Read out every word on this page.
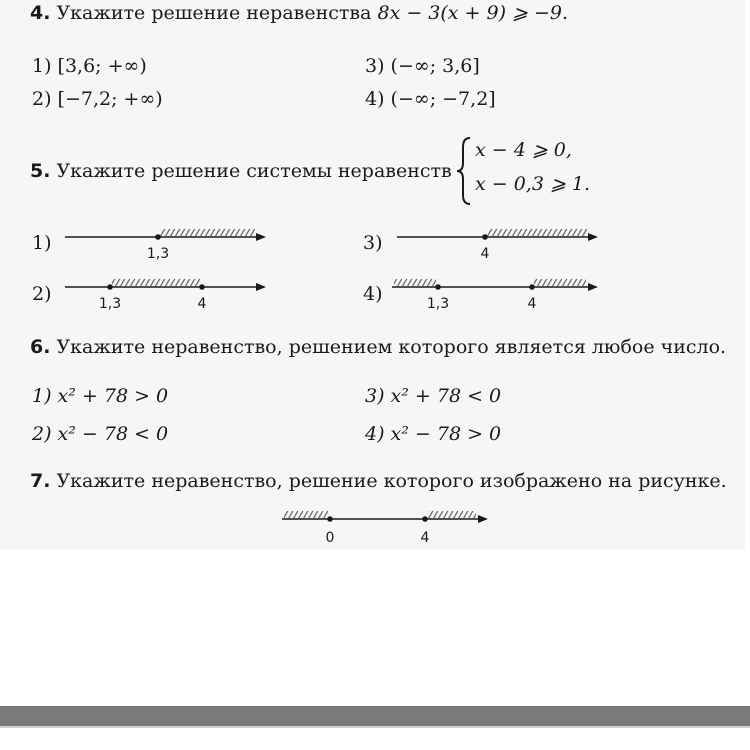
4. Укажите решение неравенства 8x − 3(x + 9) ⩾ −9.
1) [3,6; +∞)	3) (−∞; 3,6]
2) [−7,2; +∞)	4) (−∞; −7,2]
5. Укажите решение системы неравенств
x − 4 ⩾ 0,
x − 0,3 ⩾ 1.
1)	1,3	3)	4
2)	1,3	4	4)	1,3	4
6. Укажите неравенство, решением которого является любое число.
1) x² + 78 > 0	3) x² + 78 < 0
2) x² − 78 < 0	4) x² − 78 > 0
7. Укажите неравенство, решение которого изображено на рисунке.
0	4
